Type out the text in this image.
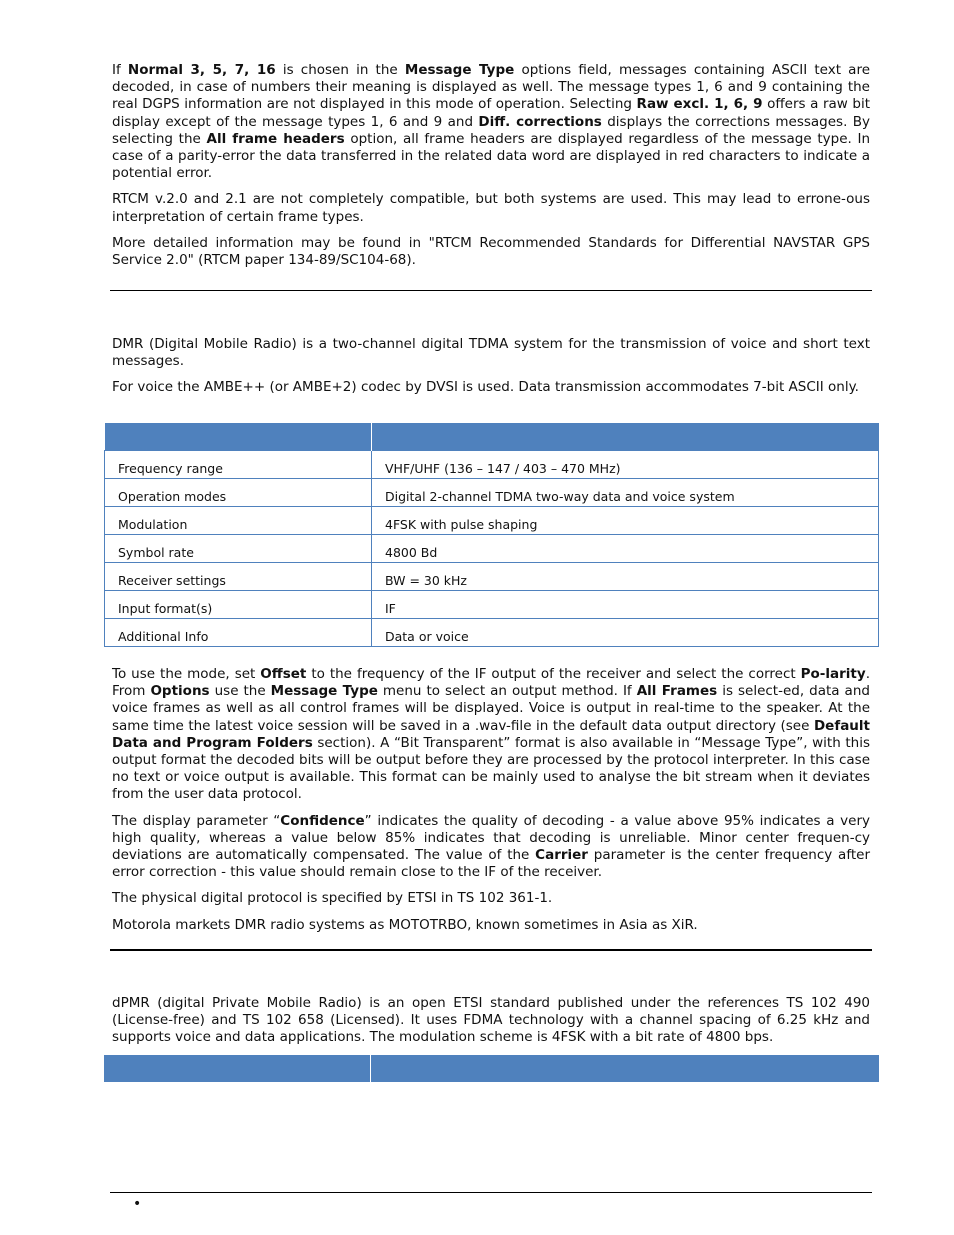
If Normal 3, 5, 7, 16 is chosen in the Message Type options field, messages containing ASCII text are decoded, in case of numbers their meaning is displayed as well. The message types 1, 6 and 9 containing the real DGPS information are not displayed in this mode of operation. Selecting Raw excl. 1, 6, 9 offers a raw bit display except of the message types 1, 6 and 9 and Diff. corrections displays the corrections messages. By selecting the All frame headers option, all frame headers are displayed regardless of the message type. In case of a parity-error the data transferred in the related data word are displayed in red characters to indicate a potential error.

RTCM v.2.0 and 2.1 are not completely compatible, but both systems are used. This may lead to errone-ous interpretation of certain frame types.

More detailed information may be found in "RTCM Recommended Standards for Differential NAVSTAR GPS Service 2.0" (RTCM paper 134-89/SC104-68).

DMR (Digital Mobile Radio) is a two-channel digital TDMA system for the transmission of voice and short text messages.

For voice the AMBE++ (or AMBE+2) codec by DVSI is used. Data transmission accommodates 7-bit ASCII only.

Frequency range	VHF/UHF (136 – 147 / 403 – 470 MHz)
Operation modes	Digital 2-channel TDMA two-way data and voice system
Modulation	4FSK with pulse shaping
Symbol rate	4800 Bd
Receiver settings	BW = 30 kHz
Input format(s)	IF
Additional Info	Data or voice

To use the mode, set Offset to the frequency of the IF output of the receiver and select the correct Po-larity. From Options use the Message Type menu to select an output method. If All Frames is select-ed, data and voice frames as well as all control frames will be displayed. Voice is output in real-time to the speaker. At the same time the latest voice session will be saved in a .wav-file in the default data output directory (see Default Data and Program Folders section). A “Bit Transparent” format is also available in “Message Type”, with this output format the decoded bits will be output before they are processed by the protocol interpreter. In this case no text or voice output is available. This format can be mainly used to analyse the bit stream when it deviates from the user data protocol.

The display parameter “Confidence” indicates the quality of decoding - a value above 95% indicates a very high quality, whereas a value below 85% indicates that decoding is unreliable. Minor center frequen-cy deviations are automatically compensated. The value of the Carrier parameter is the center frequency after error correction - this value should remain close to the IF of the receiver.

The physical digital protocol is specified by ETSI in TS 102 361-1.

Motorola markets DMR radio systems as MOTOTRBO, known sometimes in Asia as XiR.

dPMR (digital Private Mobile Radio) is an open ETSI standard published under the references TS 102 490 (License-free) and TS 102 658 (Licensed). It uses FDMA technology with a channel spacing of 6.25 kHz and supports voice and data applications. The modulation scheme is 4FSK with a bit rate of 4800 bps.

•
